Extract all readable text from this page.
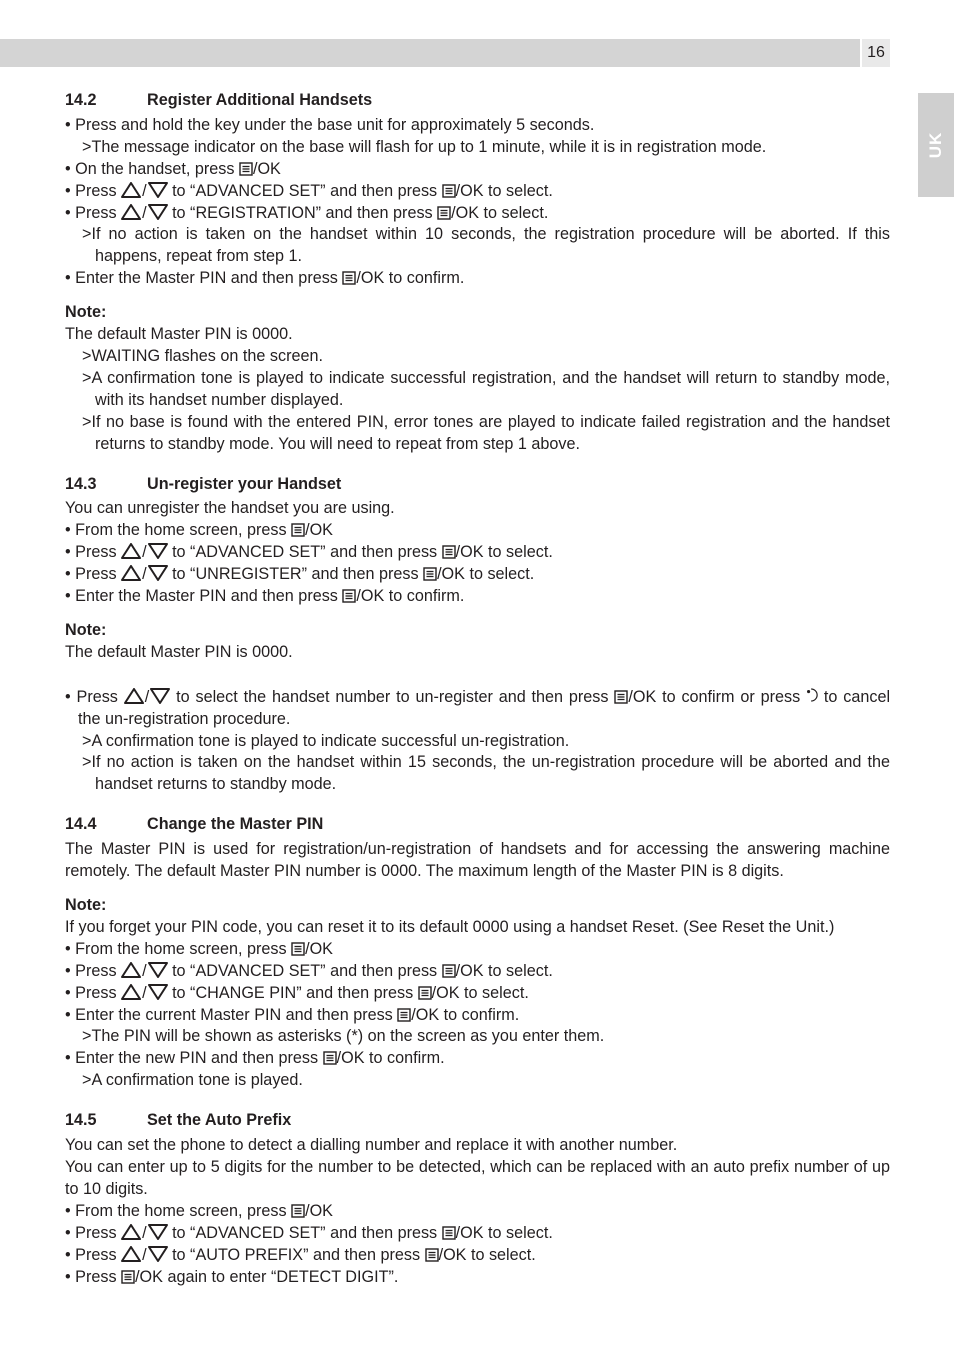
16
UK
14.2	Register Additional Handsets
• Press and hold the key under the base unit for approximately 5 seconds.
>The message indicator on the base will flash for up to 1 minute, while it is in registration mode.
• On the handset, press /OK
• Press / to “ADVANCED SET” and then press /OK to select.
• Press / to “REGISTRATION” and then press /OK to select.
>If no action is taken on the handset within 10 seconds, the registration procedure will be aborted. If this happens, repeat from step 1.
• Enter the Master PIN and then press /OK to confirm.
Note:
The default Master PIN is 0000.
>WAITING flashes on the screen.
>A confirmation tone is played to indicate successful registration, and the handset will return to standby mode, with its handset number displayed.
>If no base is found with the entered PIN, error tones are played to indicate failed registration and the handset returns to standby mode. You will need to repeat from step 1 above.
14.3	Un-register your Handset
You can unregister the handset you are using.
• From the home screen, press /OK
• Press / to “ADVANCED SET” and then press /OK to select.
• Press / to “UNREGISTER” and then press /OK to select.
• Enter the Master PIN and then press /OK to confirm.
Note:
The default Master PIN is 0000.
• Press / to select the handset number to un-register and then press /OK to confirm or press to cancel the un-registration procedure.
>A confirmation tone is played to indicate successful un-registration.
>If no action is taken on the handset within 15 seconds, the un-registration procedure will be aborted and the handset returns to standby mode.
14.4	Change the Master PIN
The Master PIN is used for registration/un-registration of handsets and for accessing the answering machine remotely. The default Master PIN number is 0000. The maximum length of the Master PIN is 8 digits.
Note:
If you forget your PIN code, you can reset it to its default 0000 using a handset Reset. (See Reset the Unit.)
• From the home screen, press /OK
• Press / to “ADVANCED SET” and then press /OK to select.
• Press / to “CHANGE PIN” and then press /OK to select.
• Enter the current Master PIN and then press /OK to confirm.
>The PIN will be shown as asterisks (*) on the screen as you enter them.
• Enter the new PIN and then press /OK to confirm.
>A confirmation tone is played.
14.5	Set the Auto Prefix
You can set the phone to detect a dialling number and replace it with another number.
You can enter up to 5 digits for the number to be detected, which can be replaced with an auto prefix number of up to 10 digits.
• From the home screen, press /OK
• Press / to “ADVANCED SET” and then press /OK to select.
• Press / to “AUTO PREFIX” and then press /OK to select.
• Press /OK again to enter “DETECT DIGIT”.
